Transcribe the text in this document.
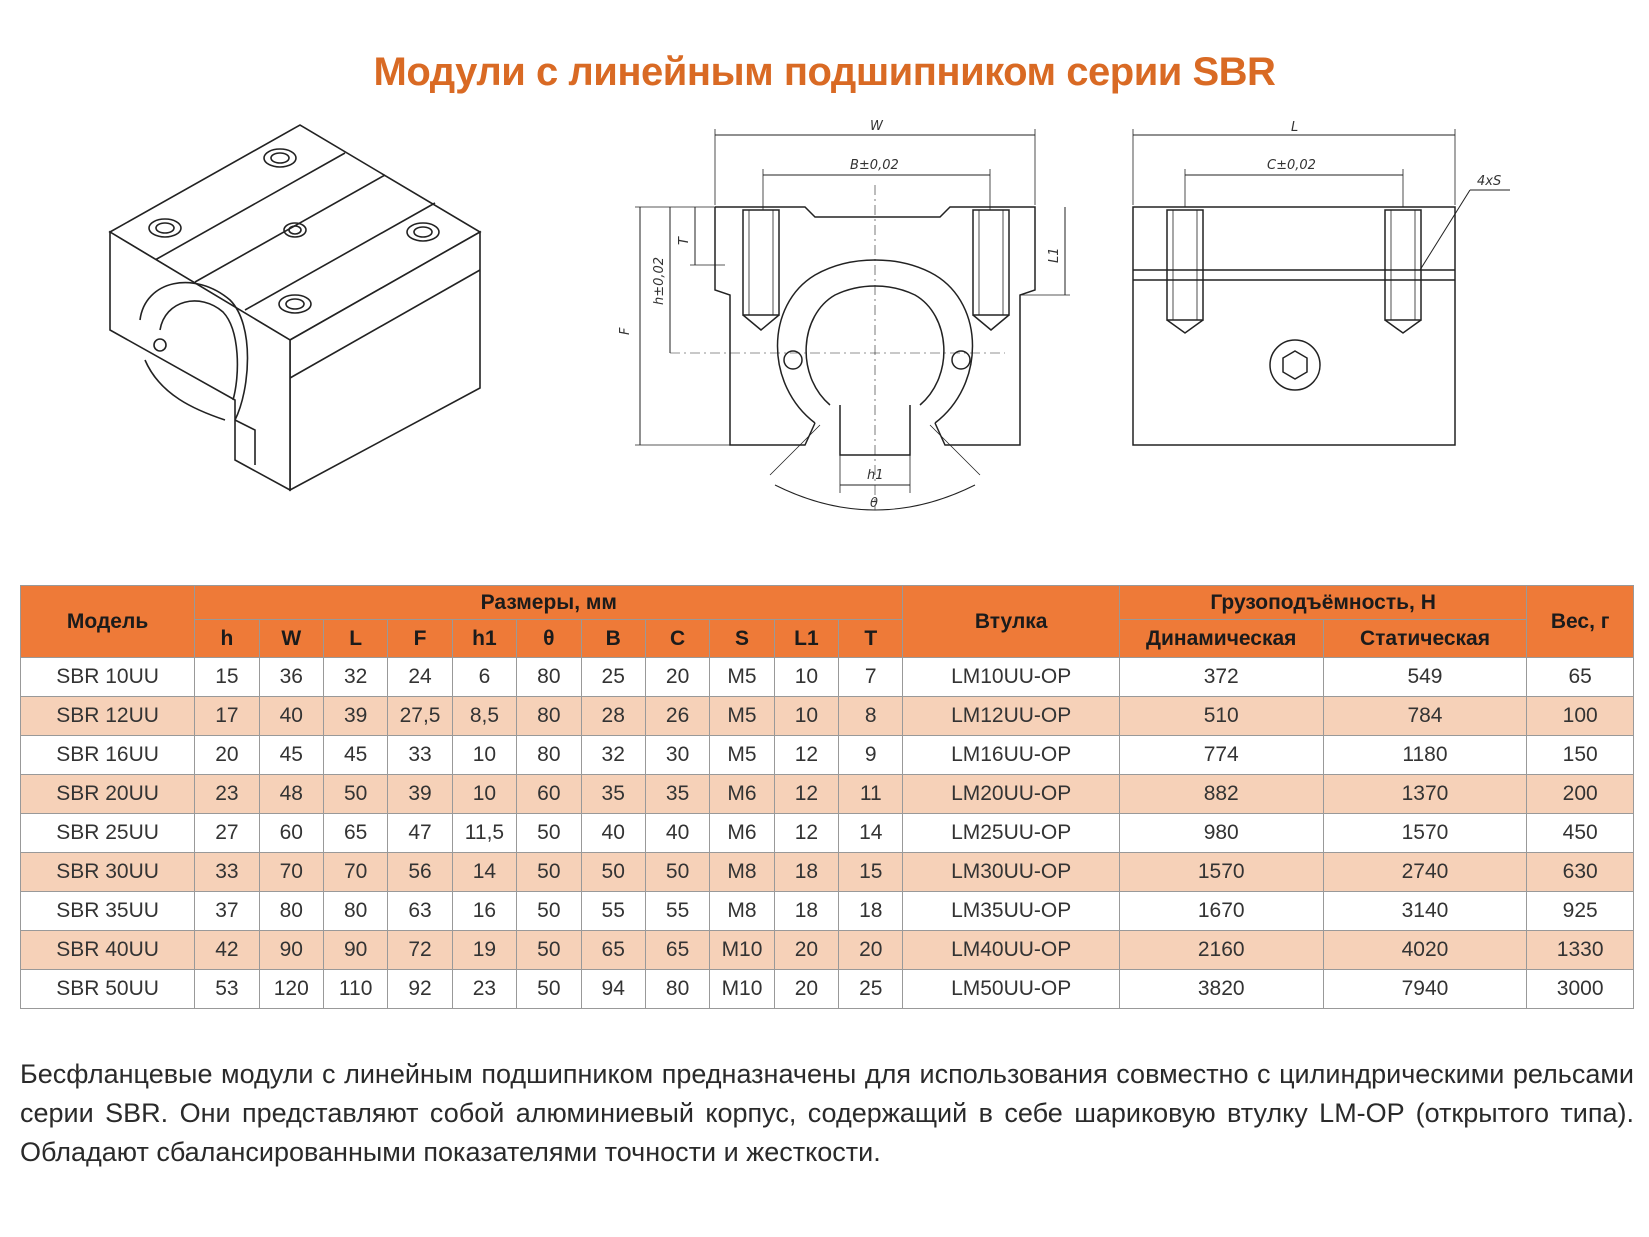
Модули с линейным подшипником серии SBR
W
B±0,02
F
h±0,02
T
L1
h1
θ
L
C±0,02
4xS
Модель	Размеры, мм											Втулка	Грузоподъёмность, Н		Вес, г
	h	W	L	F	h1	θ	B	C	S	L1	T		Динамическая	Статическая	
SBR 10UU	15	36	32	24	6	80	25	20	M5	10	7	LM10UU-OP	372	549	65
SBR 12UU	17	40	39	27,5	8,5	80	28	26	M5	10	8	LM12UU-OP	510	784	100
SBR 16UU	20	45	45	33	10	80	32	30	M5	12	9	LM16UU-OP	774	1180	150
SBR 20UU	23	48	50	39	10	60	35	35	M6	12	11	LM20UU-OP	882	1370	200
SBR 25UU	27	60	65	47	11,5	50	40	40	M6	12	14	LM25UU-OP	980	1570	450
SBR 30UU	33	70	70	56	14	50	50	50	M8	18	15	LM30UU-OP	1570	2740	630
SBR 35UU	37	80	80	63	16	50	55	55	M8	18	18	LM35UU-OP	1670	3140	925
SBR 40UU	42	90	90	72	19	50	65	65	M10	20	20	LM40UU-OP	2160	4020	1330
SBR 50UU	53	120	110	92	23	50	94	80	M10	20	25	LM50UU-OP	3820	7940	3000
Бесфланцевые модули с линейным подшипником предназначены для использования совместно с цилиндрическими рельсами серии SBR. Они представляют собой алюминиевый корпус, содержащий в себе шариковую втулку LM-OP (открытого типа). Обладают сбалансированными показателями точности и жесткости.
